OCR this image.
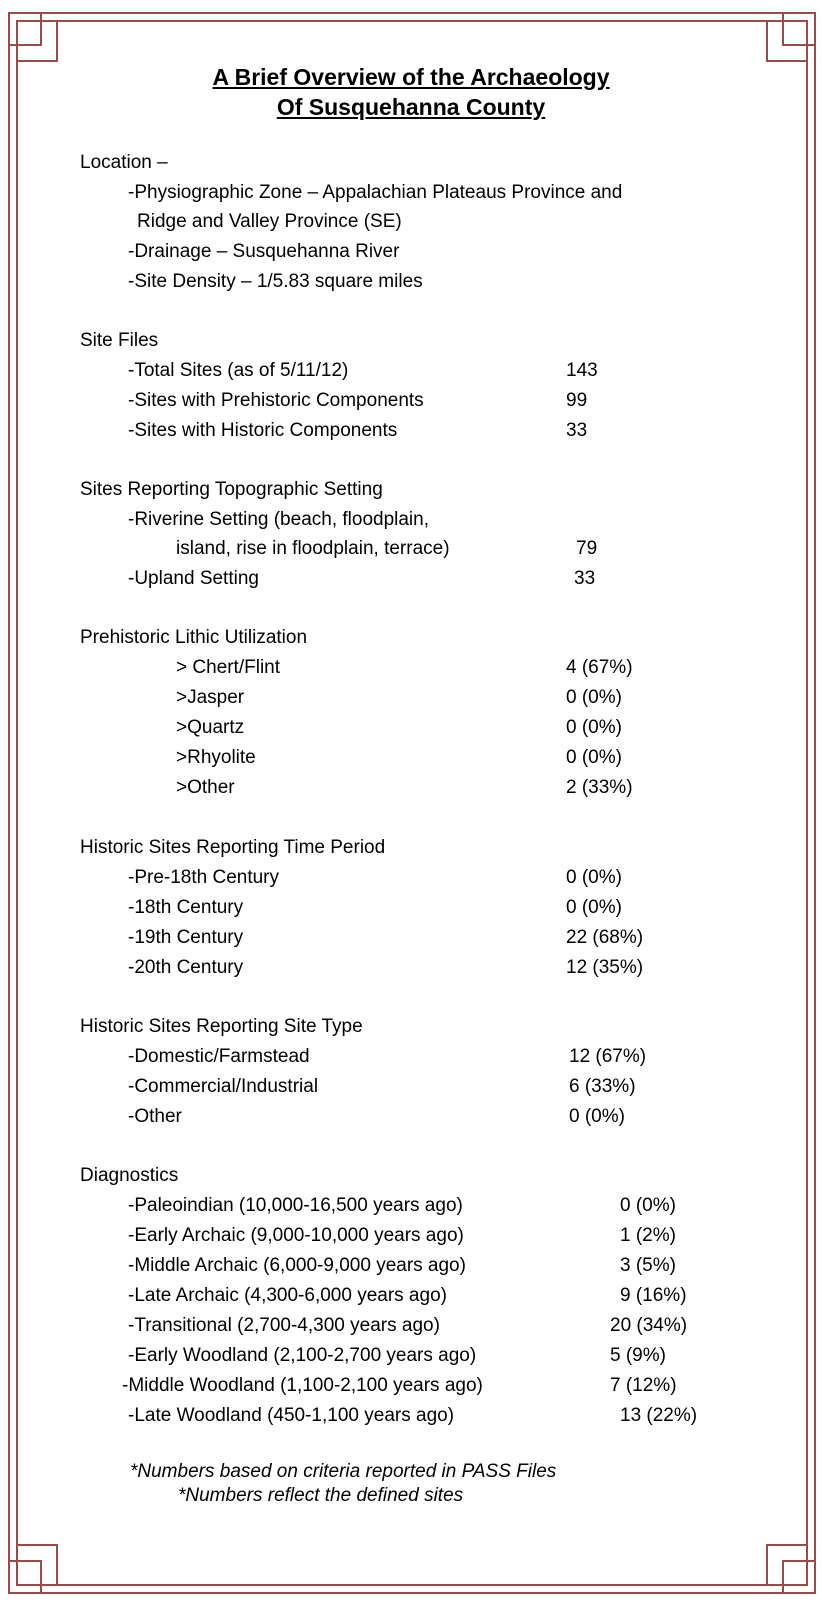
A Brief Overview of the Archaeology
Of Susquehanna County
Location –
-Physiographic Zone – Appalachian Plateaus Province and
Ridge and Valley Province (SE)
-Drainage – Susquehanna River
-Site Density – 1/5.83 square miles
Site Files
-Total Sites (as of 5/11/12)	143
-Sites with Prehistoric Components	99
-Sites with Historic Components	33
Sites Reporting Topographic Setting
-Riverine Setting (beach, floodplain,
island, rise in floodplain, terrace)	79
-Upland Setting	33
Prehistoric Lithic Utilization
> Chert/Flint	4 (67%)
>Jasper	0 (0%)
>Quartz	0 (0%)
>Rhyolite	0 (0%)
>Other	2 (33%)
Historic Sites Reporting Time Period
-Pre-18th Century	0 (0%)
-18th Century	0 (0%)
-19th Century	22 (68%)
-20th Century	12 (35%)
Historic Sites Reporting Site Type
-Domestic/Farmstead	12 (67%)
-Commercial/Industrial	6 (33%)
-Other	0 (0%)
Diagnostics
-Paleoindian (10,000-16,500 years ago)	0 (0%)
-Early Archaic (9,000-10,000 years ago)	1 (2%)
-Middle Archaic (6,000-9,000 years ago)	3 (5%)
-Late Archaic (4,300-6,000 years ago)	9 (16%)
-Transitional (2,700-4,300 years ago)	20 (34%)
-Early Woodland (2,100-2,700 years ago)	5 (9%)
-Middle Woodland (1,100-2,100 years ago)	7 (12%)
-Late Woodland (450-1,100 years ago)	13 (22%)
*Numbers based on criteria reported in PASS Files
*Numbers reflect the defined sites
